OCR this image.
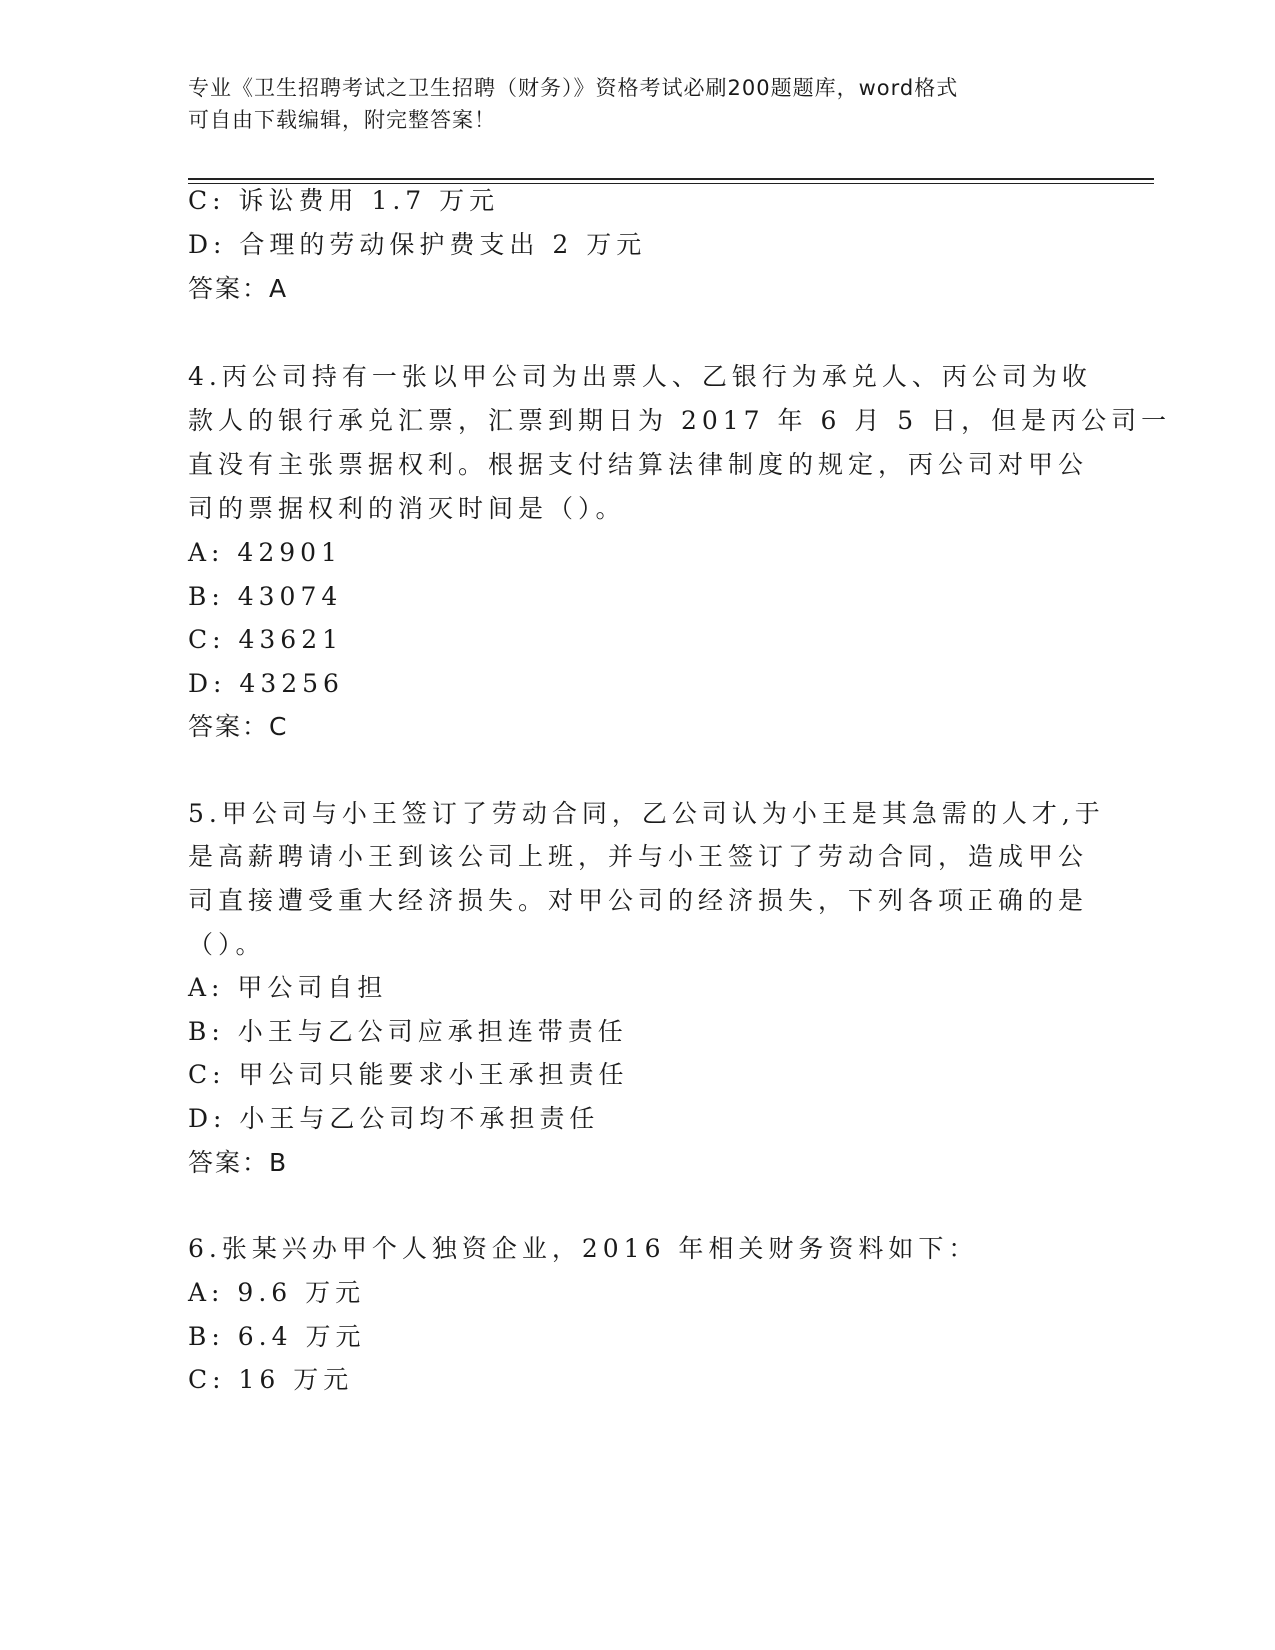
专业《卫生招聘考试之卫生招聘（财务）》资格考试必刷200题题库，word格式
可自由下载编辑，附完整答案！
C: 诉讼费用 1.7 万元
D: 合理的劳动保护费支出 2 万元
答案：A
4.丙公司持有一张以甲公司为出票人、乙银行为承兑人、丙公司为收
款人的银行承兑汇票，汇票到期日为 2017 年 6 月 5 日，但是丙公司一
直没有主张票据权利。根据支付结算法律制度的规定，丙公司对甲公
司的票据权利的消灭时间是（）。
A: 42901
B: 43074
C: 43621
D: 43256
答案：C
5.甲公司与小王签订了劳动合同，乙公司认为小王是其急需的人才,于
是高薪聘请小王到该公司上班，并与小王签订了劳动合同，造成甲公
司直接遭受重大经济损失。对甲公司的经济损失，下列各项正确的是
（）。
A: 甲公司自担
B: 小王与乙公司应承担连带责任
C: 甲公司只能要求小王承担责任
D: 小王与乙公司均不承担责任
答案：B
6.张某兴办甲个人独资企业，2016 年相关财务资料如下：
A: 9.6 万元
B: 6.4 万元
C: 16 万元
